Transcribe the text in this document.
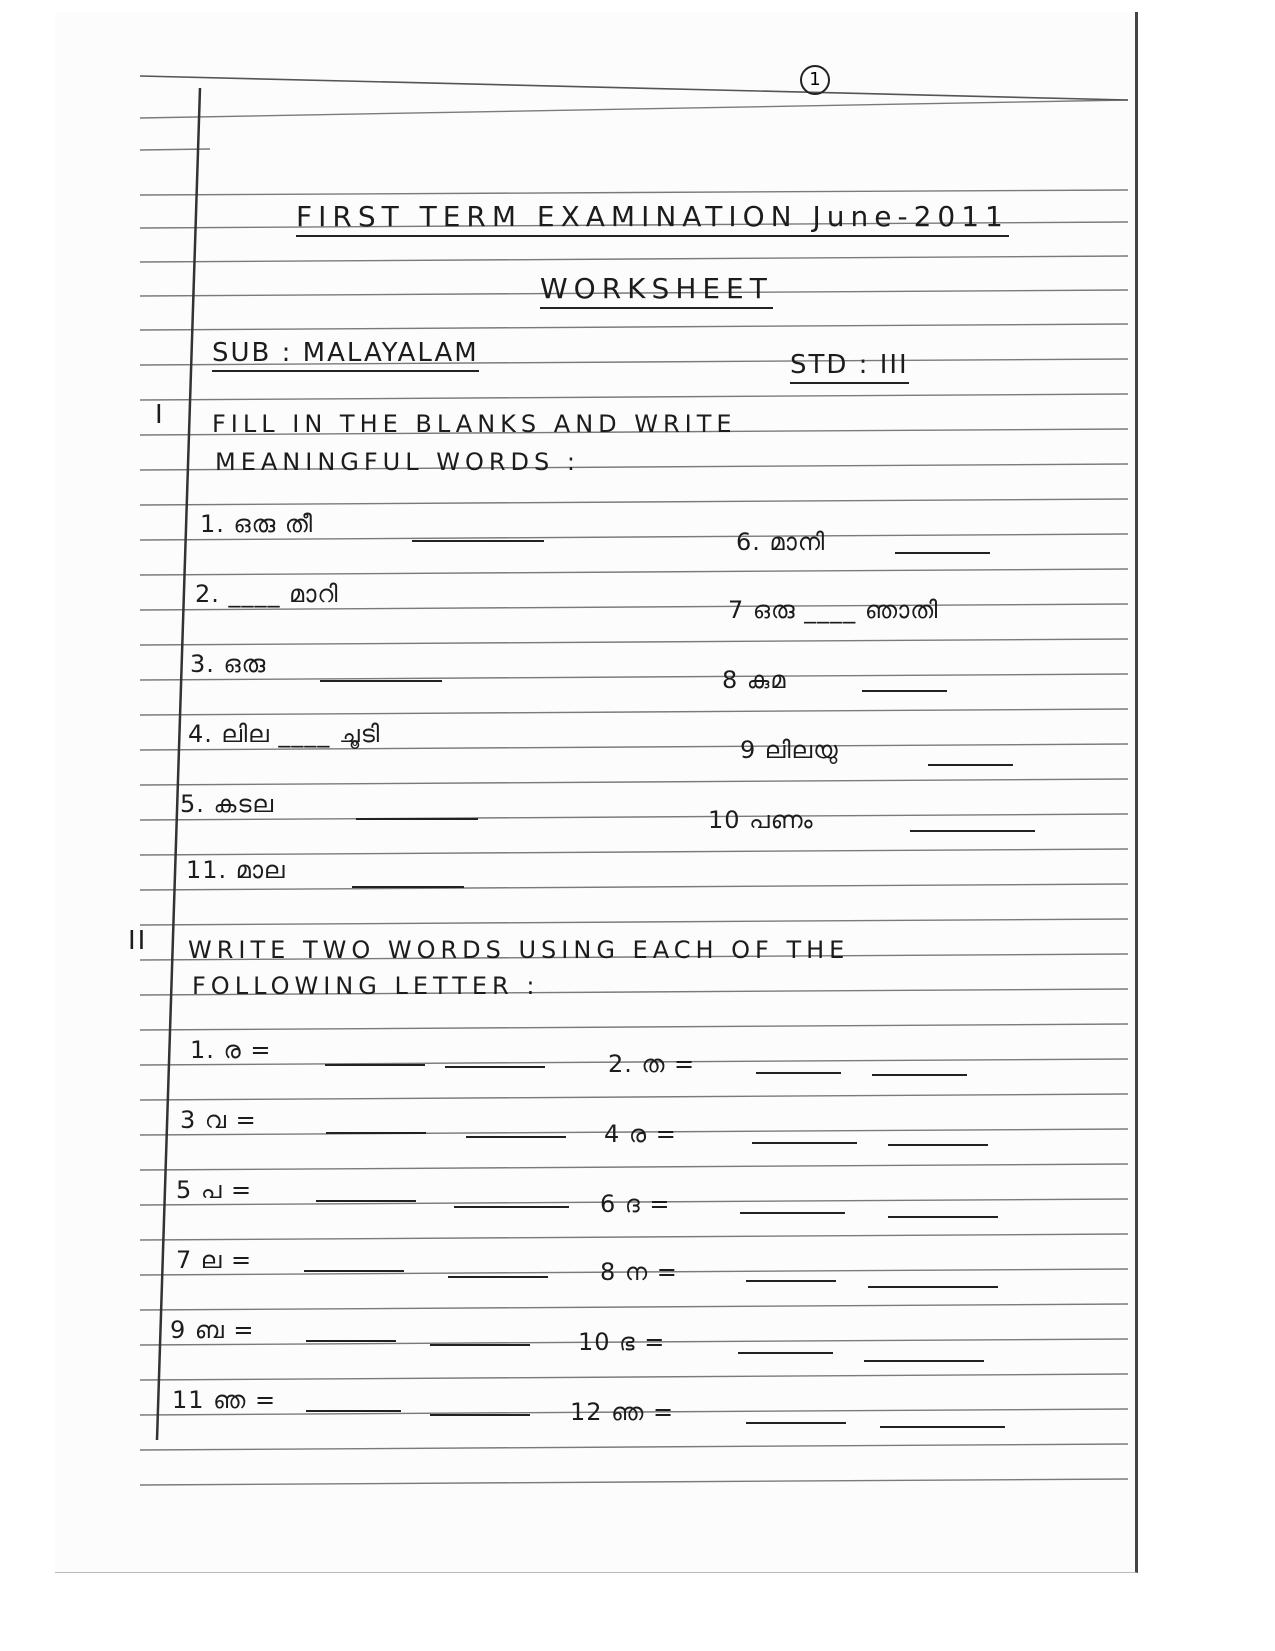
1
FIRST TERM EXAMINATION June-2011
WORKSHEET
SUB : MALAYALAM	STD : III
I FILL IN THE BLANKS AND WRITE
MEANINGFUL WORDS :
1. ഒരു തീ
2. ____ മാറി
3. ഒരു
4. ലില ____ ചൂടി
5. കടല
11. മാല
6. മാനി
7 ഒരു ____ ഞാതി
8 കുമ
9 ലിലയു
10 പണം
II WRITE TWO WORDS USING EACH OF THE
FOLLOWING LETTER :
1. ര =	2. ത =
3 വ =	4 ര =
5 പ =	6 ദ =
7 ല =	8 ന =
9 ബ =	10 ഭ =
11 ഞ =	12 ഞ =
